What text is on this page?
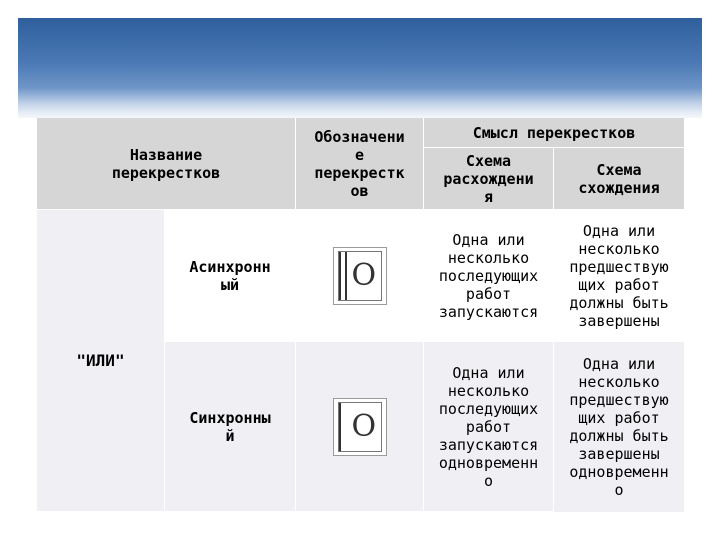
Название
перекрестков
Обозначени
е
перекрестк
ов
Смысл перекрестков
Схема
расхождени
я
Схема
схождения
"ИЛИ"
Асинхронн
ый	O
Одна или
несколько
последующих
работ
запускаются
Одна или
несколько
предшествую
щих работ
должны быть
завершены
Синхронны
й	O
Одна или
несколько
последующих
работ
запускаются
одновременн
о
Одна или
несколько
предшествую
щих работ
должны быть
завершены
одновременн
о
